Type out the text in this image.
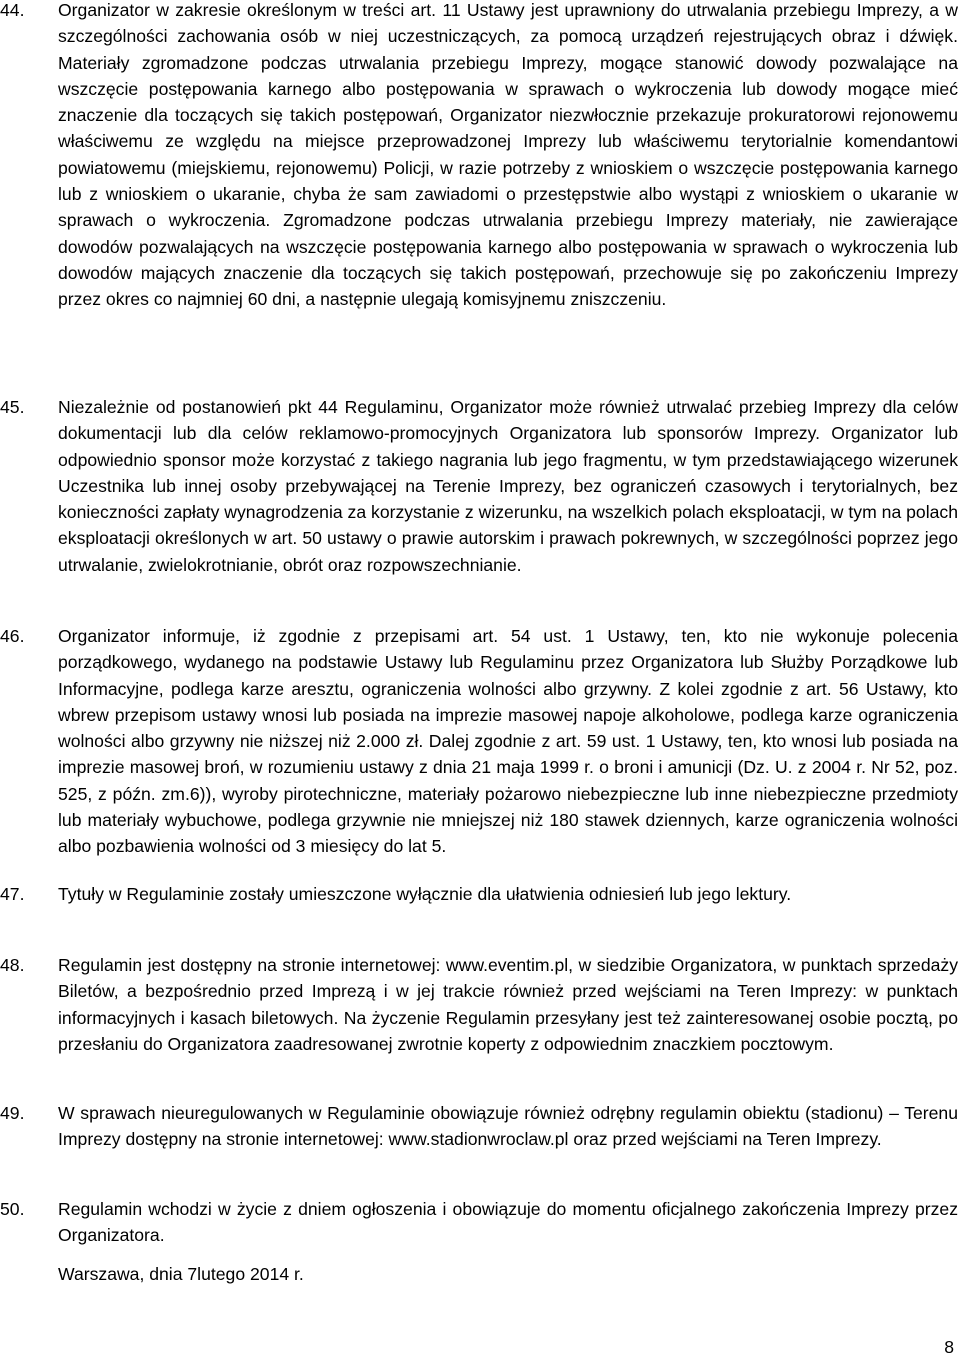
44.	Organizator w zakresie określonym w treści art. 11 Ustawy jest uprawniony do utrwalania przebiegu Imprezy, a w szczególności zachowania osób w niej uczestniczących, za pomocą urządzeń rejestrujących obraz i dźwięk. Materiały zgromadzone podczas utrwalania przebiegu Imprezy, mogące stanowić dowody pozwalające na wszczęcie postępowania karnego albo postępowania w sprawach o wykroczenia lub dowody mogące mieć znaczenie dla toczących się takich postępowań, Organizator niezwłocznie przekazuje prokuratorowi rejonowemu właściwemu ze względu na miejsce przeprowadzonej Imprezy lub właściwemu terytorialnie komendantowi powiatowemu (miejskiemu, rejonowemu) Policji, w razie potrzeby z wnioskiem o wszczęcie postępowania karnego lub z wnioskiem o ukaranie, chyba że sam zawiadomi o przestępstwie albo wystąpi z wnioskiem o ukaranie w sprawach o wykroczenia. Zgromadzone podczas utrwalania przebiegu Imprezy materiały, nie zawierające dowodów pozwalających na wszczęcie postępowania karnego albo postępowania w sprawach o wykroczenia lub dowodów mających znaczenie dla toczących się takich postępowań, przechowuje się po zakończeniu Imprezy przez okres co najmniej 60 dni, a następnie ulegają komisyjnemu zniszczeniu.
45.	Niezależnie od postanowień pkt 44 Regulaminu, Organizator może również utrwalać przebieg Imprezy dla celów dokumentacji lub dla celów reklamowo-promocyjnych Organizatora lub sponsorów Imprezy. Organizator lub odpowiednio sponsor może korzystać z takiego nagrania lub jego fragmentu, w tym przedstawiającego wizerunek Uczestnika lub innej osoby przebywającej na Terenie Imprezy, bez ograniczeń czasowych i terytorialnych, bez konieczności zapłaty wynagrodzenia za korzystanie z wizerunku, na wszelkich polach eksploatacji, w tym na polach eksploatacji określonych w art. 50 ustawy o prawie autorskim i prawach pokrewnych, w szczególności poprzez jego utrwalanie, zwielokrotnianie, obrót oraz rozpowszechnianie.
46.	Organizator informuje, iż zgodnie z przepisami art. 54 ust. 1 Ustawy, ten, kto nie wykonuje polecenia porządkowego, wydanego na podstawie Ustawy lub Regulaminu przez Organizatora lub Służby Porządkowe lub Informacyjne, podlega karze aresztu, ograniczenia wolności albo grzywny. Z kolei zgodnie z art. 56 Ustawy, kto wbrew przepisom ustawy wnosi lub posiada na imprezie masowej napoje alkoholowe, podlega karze ograniczenia wolności albo grzywny nie niższej niż 2.000 zł. Dalej zgodnie z art. 59 ust. 1 Ustawy, ten, kto wnosi lub posiada na imprezie masowej broń, w rozumieniu ustawy z dnia 21 maja 1999 r. o broni i amunicji (Dz. U. z 2004 r. Nr 52, poz. 525, z późn. zm.6)), wyroby pirotechniczne, materiały pożarowo niebezpieczne lub inne niebezpieczne przedmioty lub materiały wybuchowe, podlega grzywnie nie mniejszej niż 180 stawek dziennych, karze ograniczenia wolności albo pozbawienia wolności od 3 miesięcy do lat 5.
47.	Tytuły w Regulaminie zostały umieszczone wyłącznie dla ułatwienia odniesień lub jego lektury.
48.	Regulamin jest dostępny na stronie internetowej: www.eventim.pl, w siedzibie Organizatora, w punktach sprzedaży Biletów, a bezpośrednio przed Imprezą i w jej trakcie również przed wejściami na Teren Imprezy: w punktach informacyjnych i kasach biletowych. Na życzenie Regulamin przesyłany jest też zainteresowanej osobie pocztą, po przesłaniu do Organizatora zaadresowanej zwrotnie koperty z odpowiednim znaczkiem pocztowym.
49.	W sprawach nieuregulowanych w Regulaminie obowiązuje również odrębny regulamin obiektu (stadionu) – Terenu Imprezy dostępny na stronie internetowej: www.stadionwroclaw.pl oraz przed wejściami na Teren Imprezy.
50.	Regulamin wchodzi w życie z dniem ogłoszenia i obowiązuje do momentu oficjalnego zakończenia Imprezy przez Organizatora.
Warszawa, dnia 7lutego 2014 r.
8
